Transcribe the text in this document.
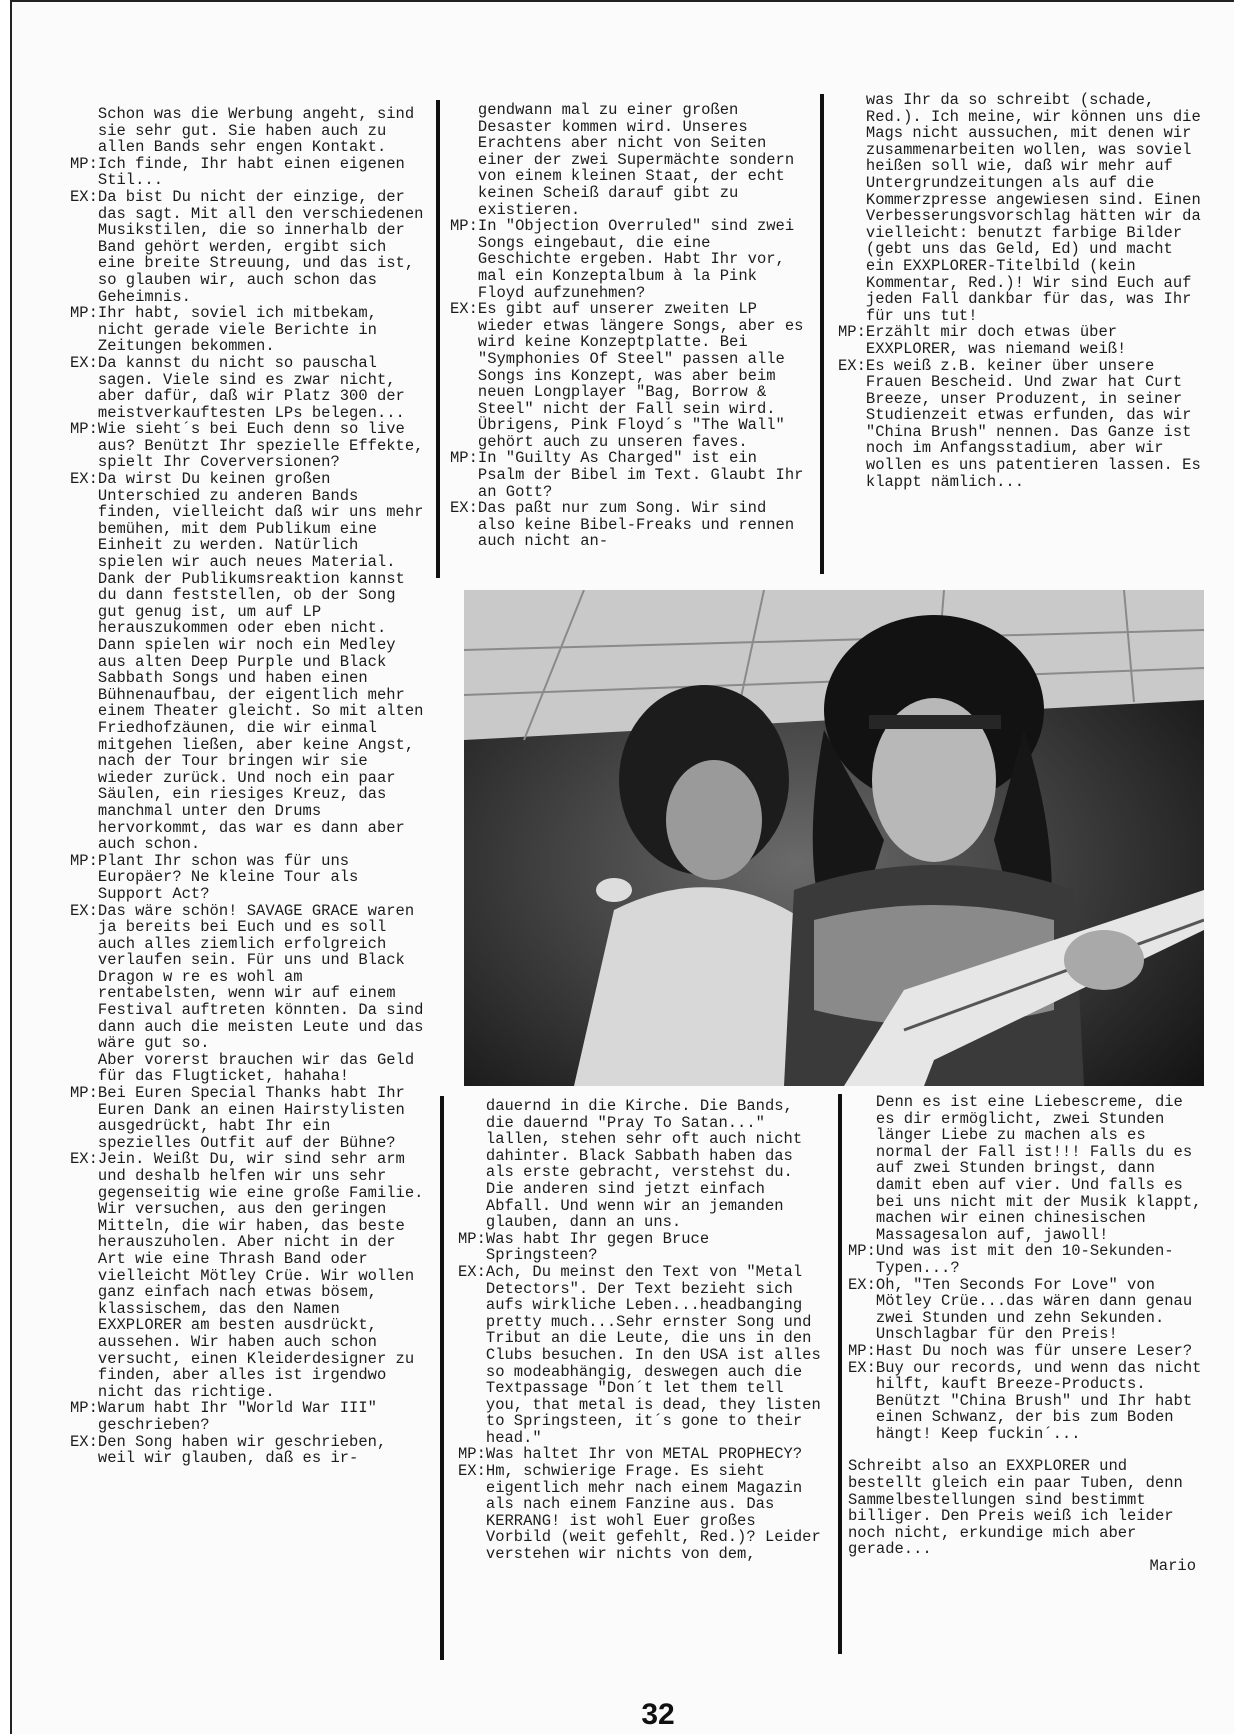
Schon was die Werbung angeht, sind sie sehr gut. Sie haben auch zu allen Bands sehr engen Kontakt.
MP: Ich finde, Ihr habt einen eigenen Stil...
EX: Da bist Du nicht der einzige, der das sagt. Mit all den verschiedenen Musikstilen, die so innerhalb der Band gehört werden, ergibt sich eine breite Streuung, und das ist, so glauben wir, auch schon das Geheimnis.
MP: Ihr habt, soviel ich mitbekam, nicht gerade viele Berichte in Zeitungen bekommen.
EX: Da kannst du nicht so pauschal sagen. Viele sind es zwar nicht, aber dafür, daß wir Platz 300 der meistverkauftesten LPs belegen...
MP: Wie sieht´s bei Euch denn so live aus? Benützt Ihr spezielle Effekte, spielt Ihr Coverversionen?
EX: Da wirst Du keinen großen Unterschied zu anderen Bands finden, vielleicht daß wir uns mehr bemühen, mit dem Publikum eine Einheit zu werden. Natürlich spielen wir auch neues Material. Dank der Publikumsreaktion kannst du dann feststellen, ob der Song gut genug ist, um auf LP herauszukommen oder eben nicht. Dann spielen wir noch ein Medley aus alten Deep Purple und Black Sabbath Songs und haben einen Bühnenaufbau, der eigentlich mehr einem Theater gleicht. So mit alten Friedhofzäunen, die wir einmal mitgehen ließen, aber keine Angst, nach der Tour bringen wir sie wieder zurück. Und noch ein paar Säulen, ein riesiges Kreuz, das manchmal unter den Drums hervorkommt, das war es dann aber auch schon.
MP: Plant Ihr schon was für uns Europäer? Ne kleine Tour als Support Act?
EX: Das wäre schön! SAVAGE GRACE waren ja bereits bei Euch und es soll auch alles ziemlich erfolgreich verlaufen sein. Für uns und Black Dragon w re es wohl am rentabelsten, wenn wir auf einem Festival auftreten könnten. Da sind dann auch die meisten Leute und das wäre gut so.

Aber vorerst brauchen wir das Geld für das Flugticket, hahaha!
MP: Bei Euren Special Thanks habt Ihr Euren Dank an einen Hairstylisten ausgedrückt, habt Ihr ein spezielles Outfit auf der Bühne?
EX: Jein. Weißt Du, wir sind sehr arm und deshalb helfen wir uns sehr gegenseitig wie eine große Familie. Wir versuchen, aus den geringen Mitteln, die wir haben, das beste herauszuholen. Aber nicht in der Art wie eine Thrash Band oder vielleicht Mötley Crüe. Wir wollen ganz einfach nach etwas bösem, klassischem, das den Namen EXXPLORER am besten ausdrückt, aussehen. Wir haben auch schon versucht, einen Kleiderdesigner zu finden, aber alles ist irgendwo nicht das richtige.
MP: Warum habt Ihr "World War III" geschrieben?
EX: Den Song haben wir geschrieben, weil wir glauben, daß es ir-

gendwann mal zu einer großen Desaster kommen wird. Unseres Erachtens aber nicht von Seiten einer der zwei Supermächte sondern von einem kleinen Staat, der echt keinen Scheiß darauf gibt zu existieren.
MP: In "Objection Overruled" sind zwei Songs eingebaut, die eine Geschichte ergeben. Habt Ihr vor, mal ein Konzeptalbum à la Pink Floyd aufzunehmen?
EX: Es gibt auf unserer zweiten LP wieder etwas längere Songs, aber es wird keine Konzeptplatte. Bei "Symphonies Of Steel" passen alle Songs ins Konzept, was aber beim neuen Longplayer "Bag, Borrow & Steel" nicht der Fall sein wird. Übrigens, Pink Floyd´s "The Wall" gehört auch zu unseren faves.
MP: In "Guilty As Charged" ist ein Psalm der Bibel im Text. Glaubt Ihr an Gott?
EX: Das paßt nur zum Song. Wir sind also keine Bibel-Freaks und rennen auch nicht an-

was Ihr da so schreibt (schade, Red.). Ich meine, wir können uns die Mags nicht aussuchen, mit denen wir zusammenarbeiten wollen, was soviel heißen soll wie, daß wir mehr auf Untergrundzeitungen als auf die Kommerzpresse angewiesen sind. Einen Verbesserungsvorschlag hätten wir da vielleicht: benutzt farbige Bilder (gebt uns das Geld, Ed) und macht ein EXXPLORER-Titelbild (kein Kommentar, Red.)! Wir sind Euch auf jeden Fall dankbar für das, was Ihr für uns tut!
MP: Erzählt mir doch etwas über EXXPLORER, was niemand weiß!
EX: Es weiß z.B. keiner über unsere Frauen Bescheid. Und zwar hat Curt Breeze, unser Produzent, in seiner Studienzeit etwas erfunden, das wir "China Brush" nennen. Das Ganze ist noch im Anfangsstadium, aber wir wollen es uns patentieren lassen. Es klappt nämlich...

dauernd in die Kirche. Die Bands, die dauernd "Pray To Satan..." lallen, stehen sehr oft auch nicht dahinter. Black Sabbath haben das als erste gebracht, verstehst du. Die anderen sind jetzt einfach Abfall. Und wenn wir an jemanden glauben, dann an uns.
MP: Was habt Ihr gegen Bruce Springsteen?
EX: Ach, Du meinst den Text von "Metal Detectors". Der Text bezieht sich aufs wirkliche Leben...headbanging pretty much...Sehr ernster Song und Tribut an die Leute, die uns in den Clubs besuchen. In den USA ist alles so modeabhängig, deswegen auch die Textpassage "Don´t let them tell you, that metal is dead, they listen to Springsteen, it´s gone to their head."
MP: Was haltet Ihr von METAL PROPHECY?
EX: Hm, schwierige Frage. Es sieht eigentlich mehr nach einem Magazin als nach einem Fanzine aus. Das KERRANG! ist wohl Euer großes Vorbild (weit gefehlt, Red.)? Leider verstehen wir nichts von dem,

Denn es ist eine Liebescreme, die es dir ermöglicht, zwei Stunden länger Liebe zu machen als es normal der Fall ist!!! Falls du es auf zwei Stunden bringst, dann damit eben auf vier. Und falls es bei uns nicht mit der Musik klappt, machen wir einen chinesischen Massagesalon auf, jawoll!
MP: Und was ist mit den 10-Sekunden-Typen...?
EX: Oh, "Ten Seconds For Love" von Mötley Crüe...das wären dann genau zwei Stunden und zehn Sekunden. Unschlagbar für den Preis!
MP: Hast Du noch was für unsere Leser?
EX: Buy our records, und wenn das nicht hilft, kauft Breeze-Products. Benützt "China Brush" und Ihr habt einen Schwanz, der bis zum Boden hängt! Keep fuckin´...
Schreibt also an EXXPLORER und bestellt gleich ein paar Tuben, denn Sammelbestellungen sind bestimmt billiger. Den Preis weiß ich leider noch nicht, erkundige mich aber gerade...
Mario
32
